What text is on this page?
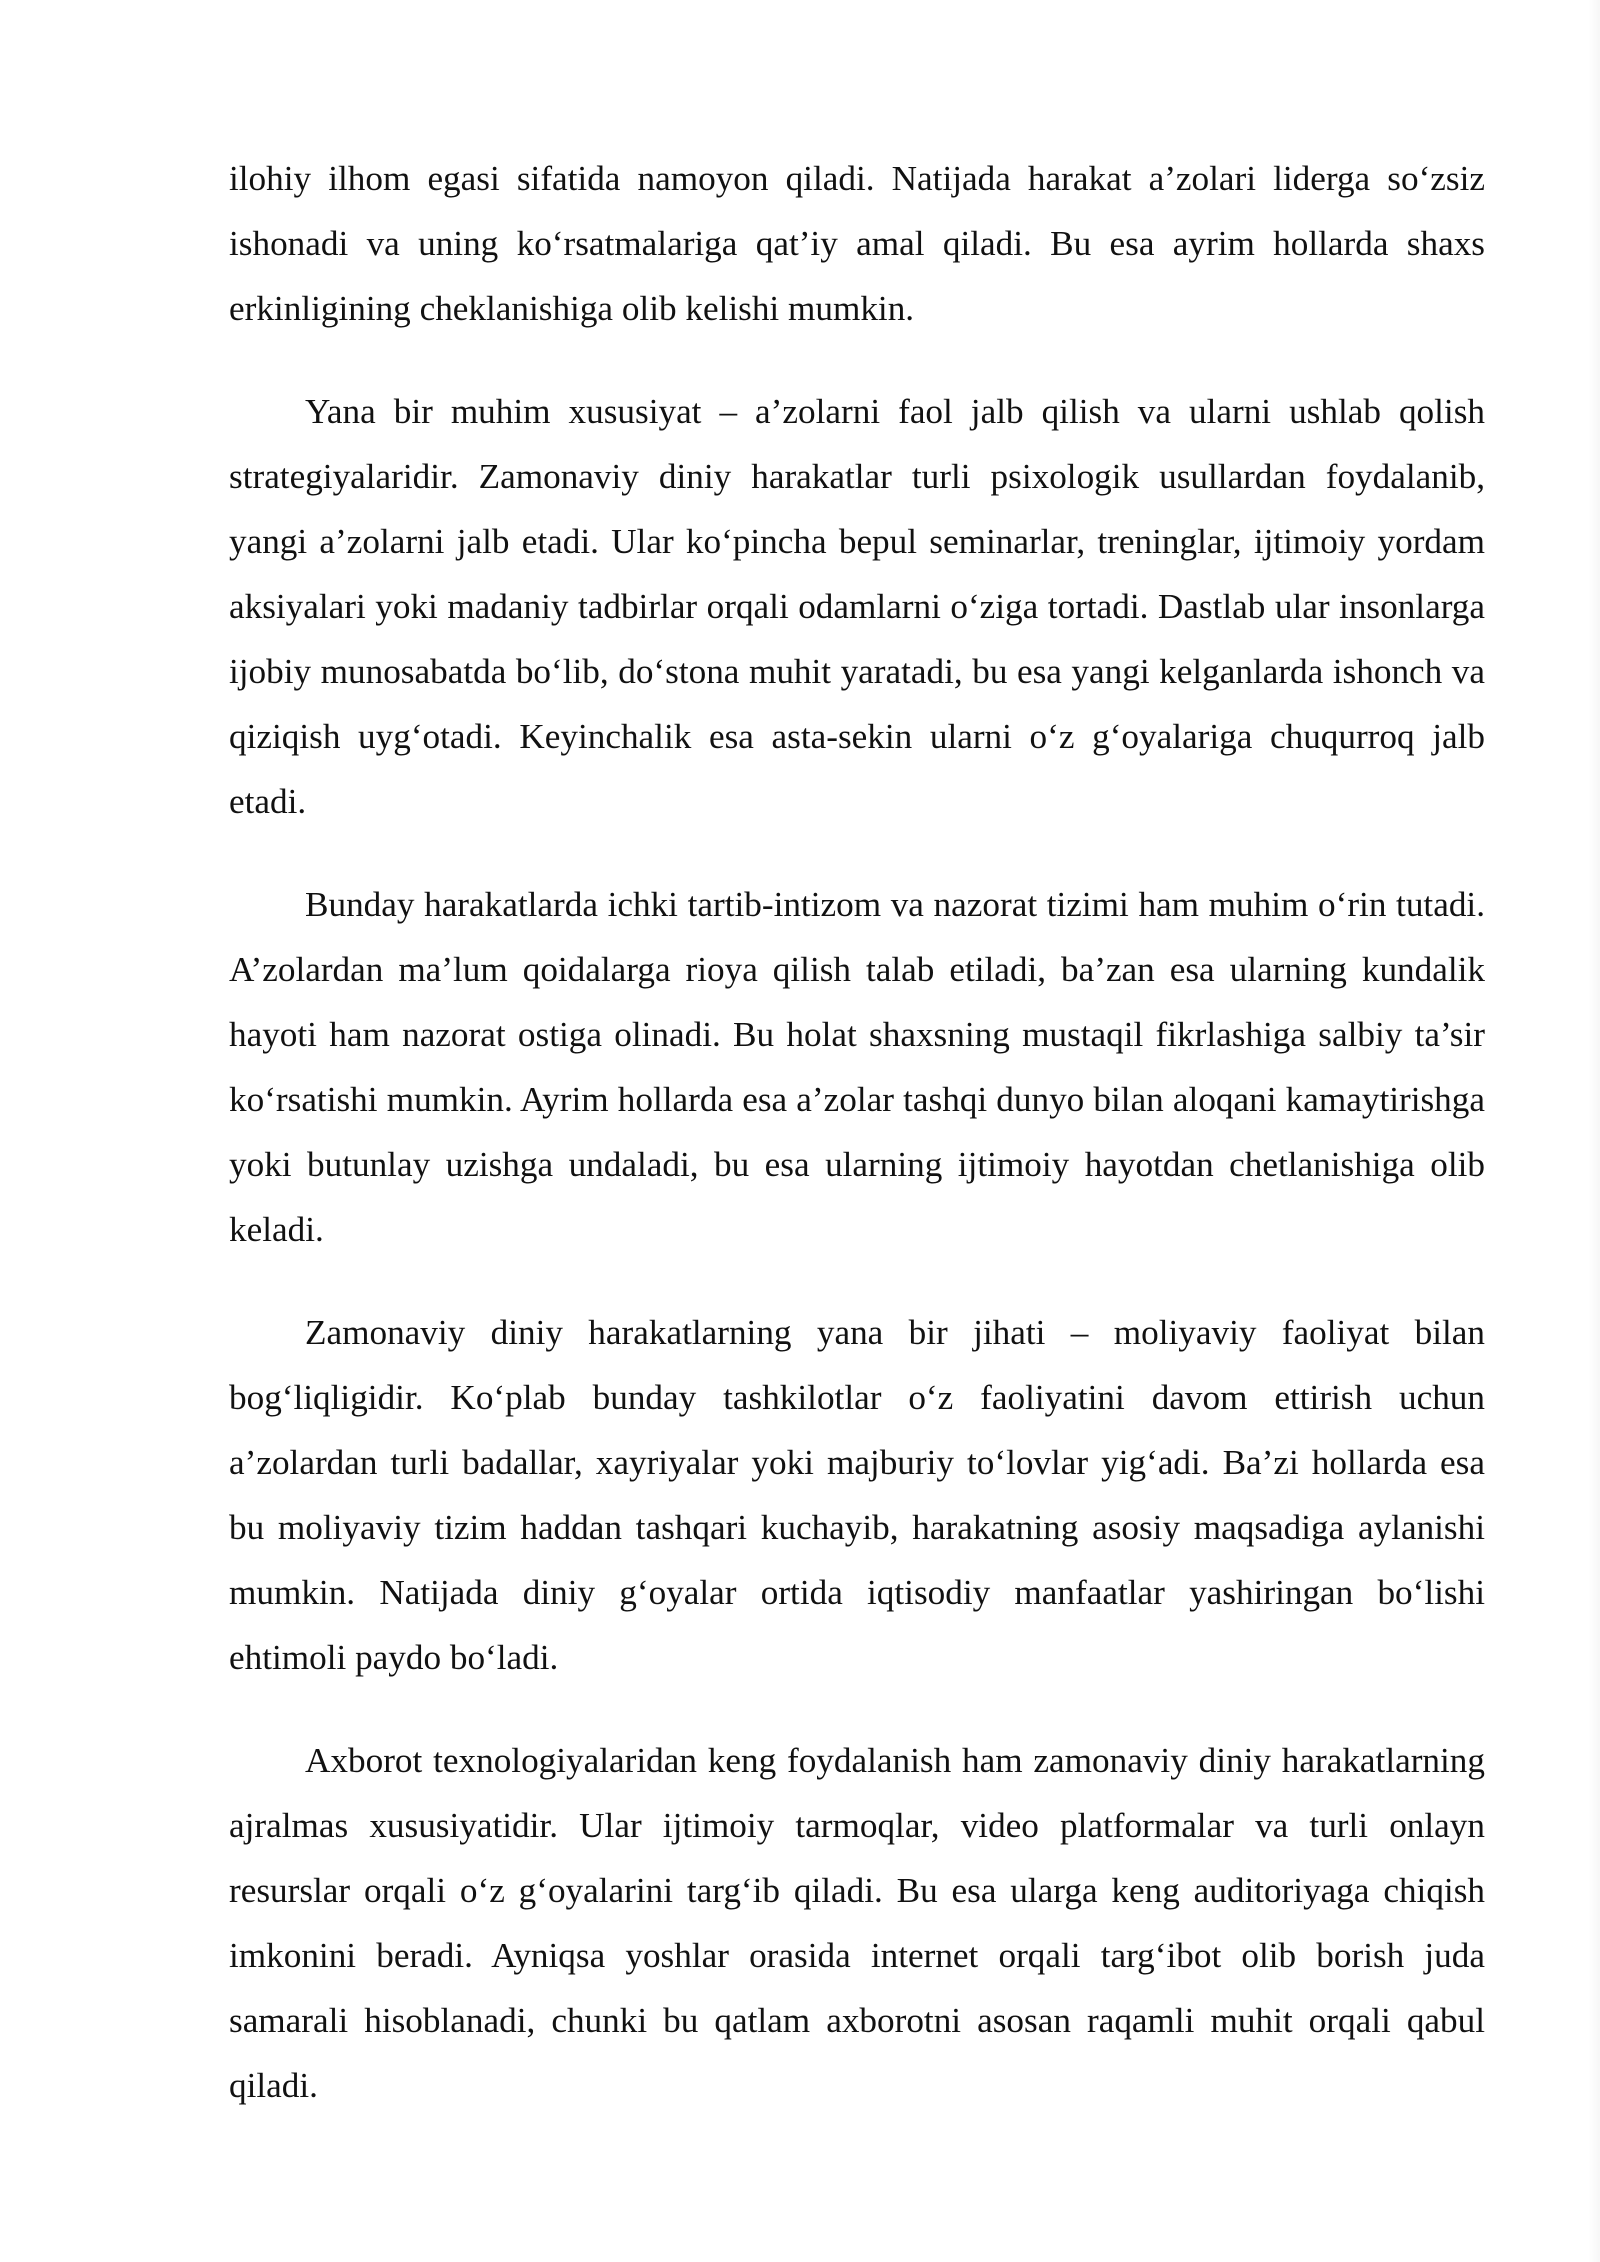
ilohiy ilhom egasi sifatida namoyon qiladi. Natijada harakat a’zolari liderga so‘zsiz ishonadi va uning ko‘rsatmalariga qat’iy amal qiladi. Bu esa ayrim hollarda shaxs erkinligining cheklanishiga olib kelishi mumkin.

Yana bir muhim xususiyat – a’zolarni faol jalb qilish va ularni ushlab qolish strategiyalaridir. Zamonaviy diniy harakatlar turli psixologik usullardan foydalanib, yangi a’zolarni jalb etadi. Ular ko‘pincha bepul seminarlar, treninglar, ijtimoiy yordam aksiyalari yoki madaniy tadbirlar orqali odamlarni o‘ziga tortadi. Dastlab ular insonlarga ijobiy munosabatda bo‘lib, do‘stona muhit yaratadi, bu esa yangi kelganlarda ishonch va qiziqish uyg‘otadi. Keyinchalik esa asta-sekin ularni o‘z g‘oyalariga chuqurroq jalb etadi.

Bunday harakatlarda ichki tartib-intizom va nazorat tizimi ham muhim o‘rin tutadi. A’zolardan ma’lum qoidalarga rioya qilish talab etiladi, ba’zan esa ularning kundalik hayoti ham nazorat ostiga olinadi. Bu holat shaxsning mustaqil fikrlashiga salbiy ta’sir ko‘rsatishi mumkin. Ayrim hollarda esa a’zolar tashqi dunyo bilan aloqani kamaytirishga yoki butunlay uzishga undaladi, bu esa ularning ijtimoiy hayotdan chetlanishiga olib keladi.

Zamonaviy diniy harakatlarning yana bir jihati – moliyaviy faoliyat bilan bog‘liqligidir. Ko‘plab bunday tashkilotlar o‘z faoliyatini davom ettirish uchun a’zolardan turli badallar, xayriyalar yoki majburiy to‘lovlar yig‘adi. Ba’zi hollarda esa bu moliyaviy tizim haddan tashqari kuchayib, harakatning asosiy maqsadiga aylanishi mumkin. Natijada diniy g‘oyalar ortida iqtisodiy manfaatlar yashiringan bo‘lishi ehtimoli paydo bo‘ladi.

Axborot texnologiyalaridan keng foydalanish ham zamonaviy diniy harakatlarning ajralmas xususiyatidir. Ular ijtimoiy tarmoqlar, video platformalar va turli onlayn resurslar orqali o‘z g‘oyalarini targ‘ib qiladi. Bu esa ularga keng auditoriyaga chiqish imkonini beradi. Ayniqsa yoshlar orasida internet orqali targ‘ibot olib borish juda samarali hisoblanadi, chunki bu qatlam axborotni asosan raqamli muhit orqali qabul qiladi.
